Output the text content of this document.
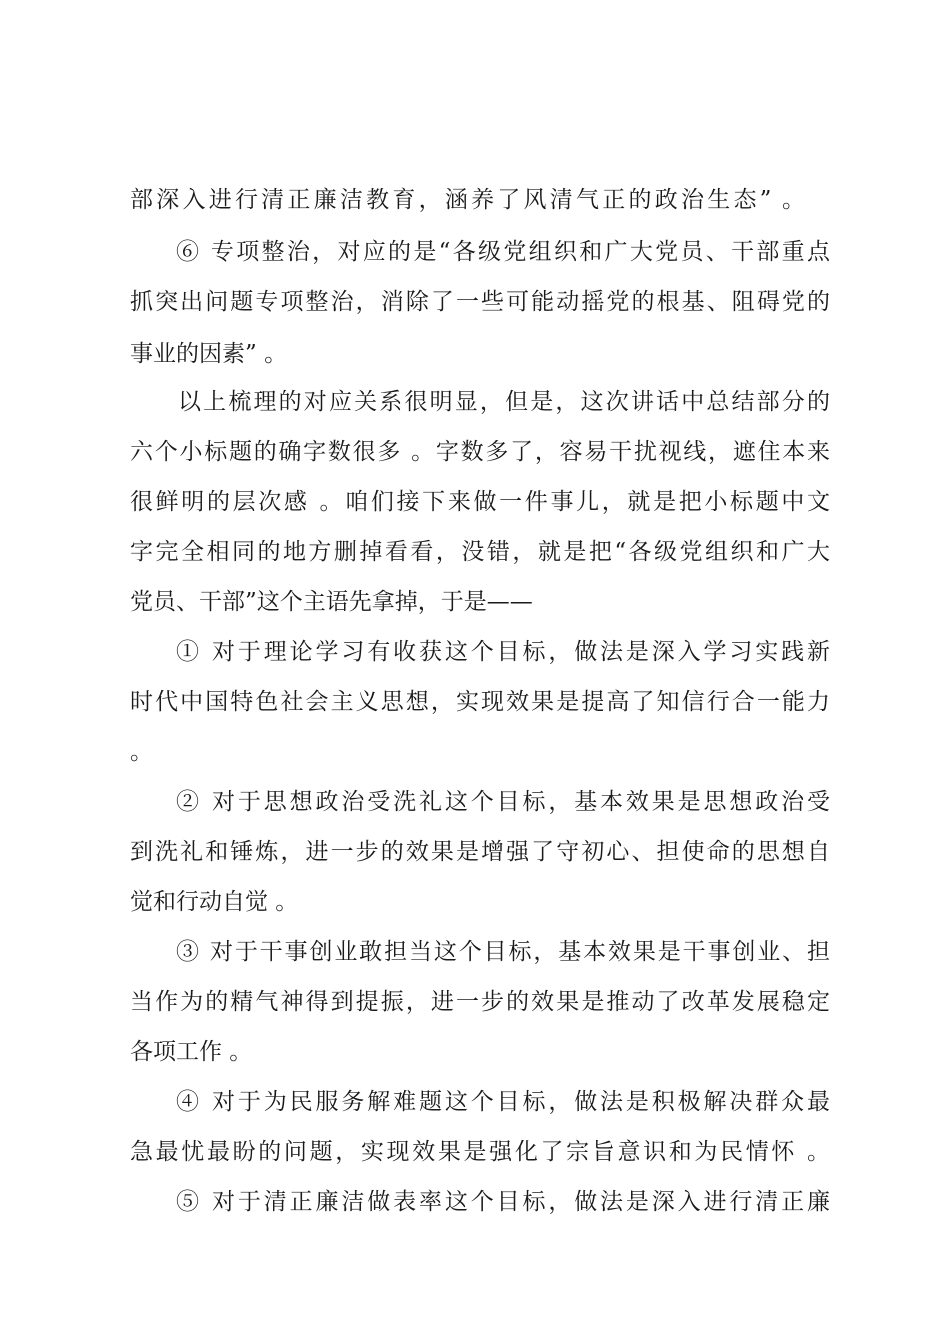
部深入进行清正廉洁教育，涵养了风清气正的政治生态” 。
⑥ 专项整治，对应的是“各级党组织和广大党员、干部重点
抓突出问题专项整治，消除了一些可能动摇党的根基、阻碍党的
事业的因素” 。
以上梳理的对应关系很明显，但是，这次讲话中总结部分的
六个小标题的确字数很多 。字数多了，容易干扰视线，遮住本来
很鲜明的层次感 。咱们接下来做一件事儿，就是把小标题中文
字完全相同的地方删掉看看，没错，就是把“各级党组织和广大
党员、干部”这个主语先拿掉，于是——
① 对于理论学习有收获这个目标，做法是深入学习实践新
时代中国特色社会主义思想，实现效果是提高了知信行合一能力
。
② 对于思想政治受洗礼这个目标，基本效果是思想政治受
到洗礼和锤炼，进一步的效果是增强了守初心、担使命的思想自
觉和行动自觉 。
③ 对于干事创业敢担当这个目标，基本效果是干事创业、担
当作为的精气神得到提振，进一步的效果是推动了改革发展稳定
各项工作 。
④ 对于为民服务解难题这个目标，做法是积极解决群众最
急最忧最盼的问题，实现效果是强化了宗旨意识和为民情怀 。
⑤ 对于清正廉洁做表率这个目标，做法是深入进行清正廉
